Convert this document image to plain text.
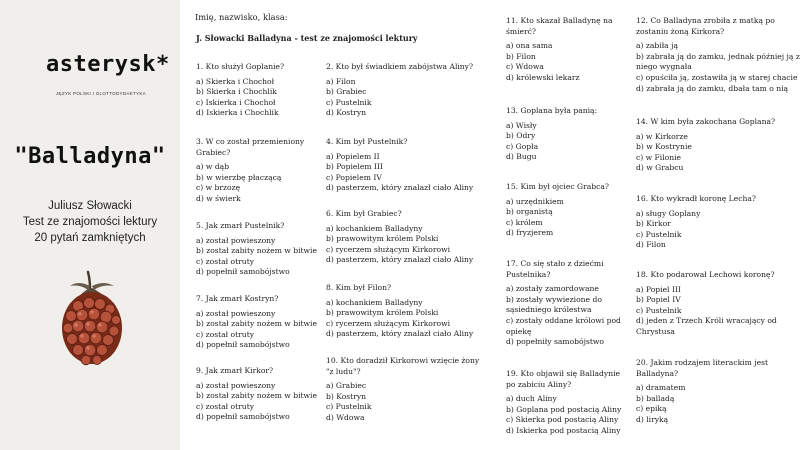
asterysk*
JĘZYK POLSKI I GLOTTODYDAKTYKA
"Balladyna"
Juliusz Słowacki
Test ze znajomości lektury
20 pytań zamkniętych
Imię, nazwisko, klasa:
J. Słowacki Balladyna - test ze znajomości lektury
1. Kto służył Goplanie?
a) Skierka i Chochoł
b) Skierka i Chochlik
c) Iskierka i Chochoł
d) Iskierka i Chochlik
2. Kto był świadkiem zabójstwa Aliny?
a) Filon
b) Grabiec
c) Pustelnik
d) Kostryn
3. W co został przemieniony Grabiec?
a) w dąb
b) w wierzbę płaczącą
c) w brzozę
d) w świerk
4. Kim był Pustelnik?
a) Popielem II
b) Popielem III
c) Popielem IV
d) pasterzem, który znalazł ciało Aliny
5. Jak zmarł Pustelnik?
a) został powieszony
b) został zabity nożem w bitwie
c) został otruty
d) popełnił samobójstwo
6. Kim był Grabiec?
a) kochankiem Balladyny
b) prawowitym królem Polski
c) rycerzem służącym Kirkorowi
d) pasterzem, który znalazł ciało Aliny
7. Jak zmarł Kostryn?
a) został powieszony
b) został zabity nożem w bitwie
c) został otruty
d) popełnił samobójstwo
8. Kim był Filon?
a) kochankiem Balladyny
b) prawowitym królem Polski
c) rycerzem służącym Kirkorowi
d) pasterzem, który znalazł ciało Aliny
9. Jak zmarł Kirkor?
a) został powieszony
b) został zabity nożem w bitwie
c) został otruty
d) popełnił samobójstwo
10. Kto doradził Kirkorowi wzięcie żony "z ludu"?
a) Grabiec
b) Kostryn
c) Pustelnik
d) Wdowa
11. Kto skazał Balladynę na śmierć?
a) ona sama
b) Filon
c) Wdowa
d) królewski lekarz
12. Co Balladyna zrobiła z matką po zostaniu żoną Kirkora?
a) zabiła ją
b) zabrała ją do zamku, jednak później ją z niego wygnała
c) opuściła ją, zostawiła ją w starej chacie
d) zabrała ją do zamku, dbała tam o nią
13. Goplana była panią:
a) Wisły
b) Odry
c) Gopła
d) Bugu
14. W kim była zakochana Goplana?
a) w Kirkorze
b) w Kostrynie
c) w Filonie
d) w Grabcu
15. Kim był ojciec Grabca?
a) urzędnikiem
b) organistą
c) królem
d) fryzjerem
16. Kto wykradł koronę Lecha?
a) sługy Goplany
b) Kirkor
c) Pustelnik
d) Filon
17. Co się stało z dziećmi Pustelnika?
a) zostały zamordowane
b) zostały wywiezione do sąsiedniego królestwa
c) zostały oddane królowi pod opiekę
d) popełniły samobójstwo
18. Kto podarował Lechowi koronę?
a) Popiel III
b) Popiel IV
c) Pustelnik
d) jeden z Trzech Króli wracający od Chrystusa
19. Kto objawił się Balladynie po zabiciu Aliny?
a) duch Aliny
b) Goplana pod postacią Aliny
c) Skierka pod postacią Aliny
d) Iskierka pod postacią Aliny
20. Jakim rodzajem literackim jest Balladyna?
a) dramatem
b) balladą
c) epiką
d) liryką
